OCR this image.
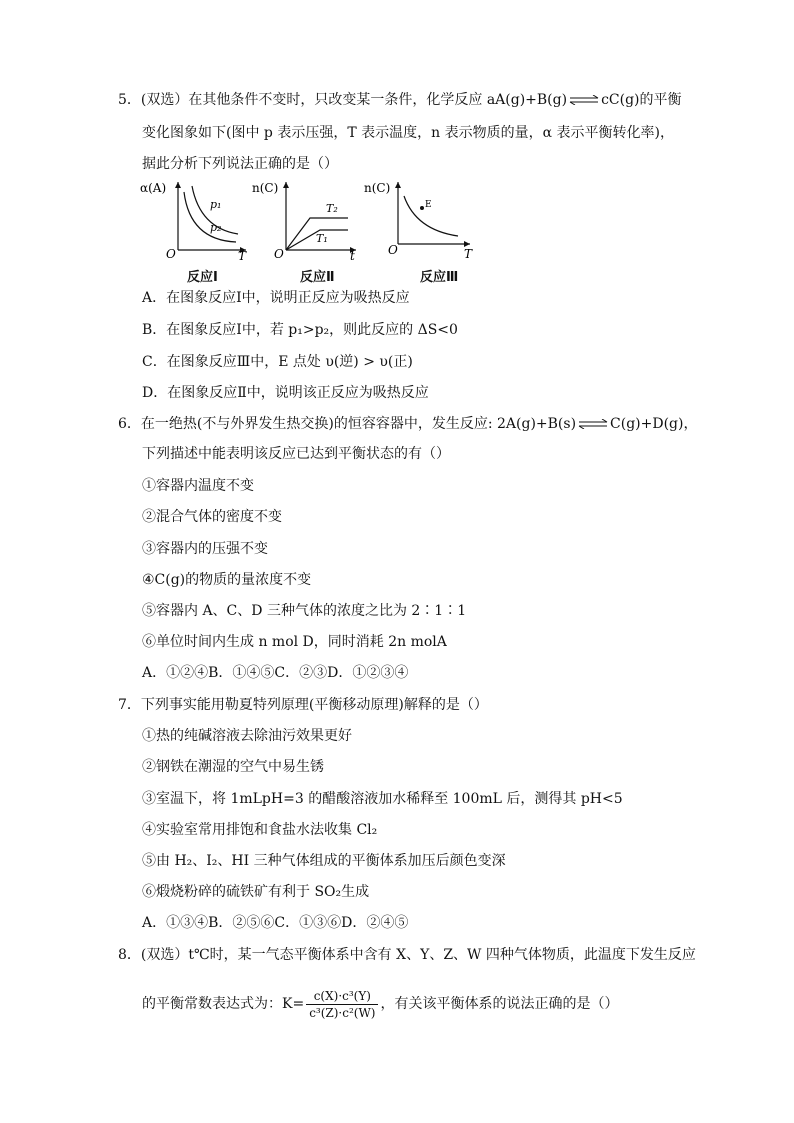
5．(双选）在其他条件不变时，只改变某一条件，化学反应 aA(g)+B(g) ⇌ cC(g)的平衡
变化图象如下(图中 p 表示压强，T 表示温度，n 表示物质的量，α 表示平衡转化率)，
据此分析下列说法正确的是（）
α(A)
O	T
p₁
p₂
反应Ⅰ
n(C)
O	t
T₂
T₁
反应Ⅱ
n(C)
O	T
E
反应Ⅲ
A．在图象反应Ⅰ中，说明正反应为吸热反应
B．在图象反应Ⅰ中，若 p₁>p₂，则此反应的 ΔS<0
C．在图象反应Ⅲ中，E 点处 υ(逆) > υ(正)
D．在图象反应Ⅱ中，说明该正反应为吸热反应
6．在一绝热(不与外界发生热交换)的恒容容器中，发生反应: 2A(g)+B(s) ⇌ C(g)+D(g)，
下列描述中能表明该反应已达到平衡状态的有（）
①容器内温度不变
②混合气体的密度不变
③容器内的压强不变
④C(g)的物质的量浓度不变
⑤容器内 A、C、D 三种气体的浓度之比为 2∶1∶1
⑥单位时间内生成 n mol D，同时消耗 2n molA
A．①②④B．①④⑤C．②③D．①②③④
7．下列事实能用勒夏特列原理(平衡移动原理)解释的是（）
①热的纯碱溶液去除油污效果更好
②钢铁在潮湿的空气中易生锈
③室温下，将 1mLpH=3 的醋酸溶液加水稀释至 100mL 后，测得其 pH<5
④实验室常用排饱和食盐水法收集 Cl₂
⑤由 H₂、I₂、HI 三种气体组成的平衡体系加压后颜色变深
⑥煅烧粉碎的硫铁矿有利于 SO₂生成
A．①③④B．②⑤⑥C．①③⑥D．②④⑤
8．(双选）t℃时，某一气态平衡体系中含有 X、Y、Z、W 四种气体物质，此温度下发生反应
的平衡常数表达式为：$K= \frac{\text{c(X)·c³(Y)}}{\text{c³(Z)·c²(W)}}$ ，有关该平衡体系的说法正确的是（）
